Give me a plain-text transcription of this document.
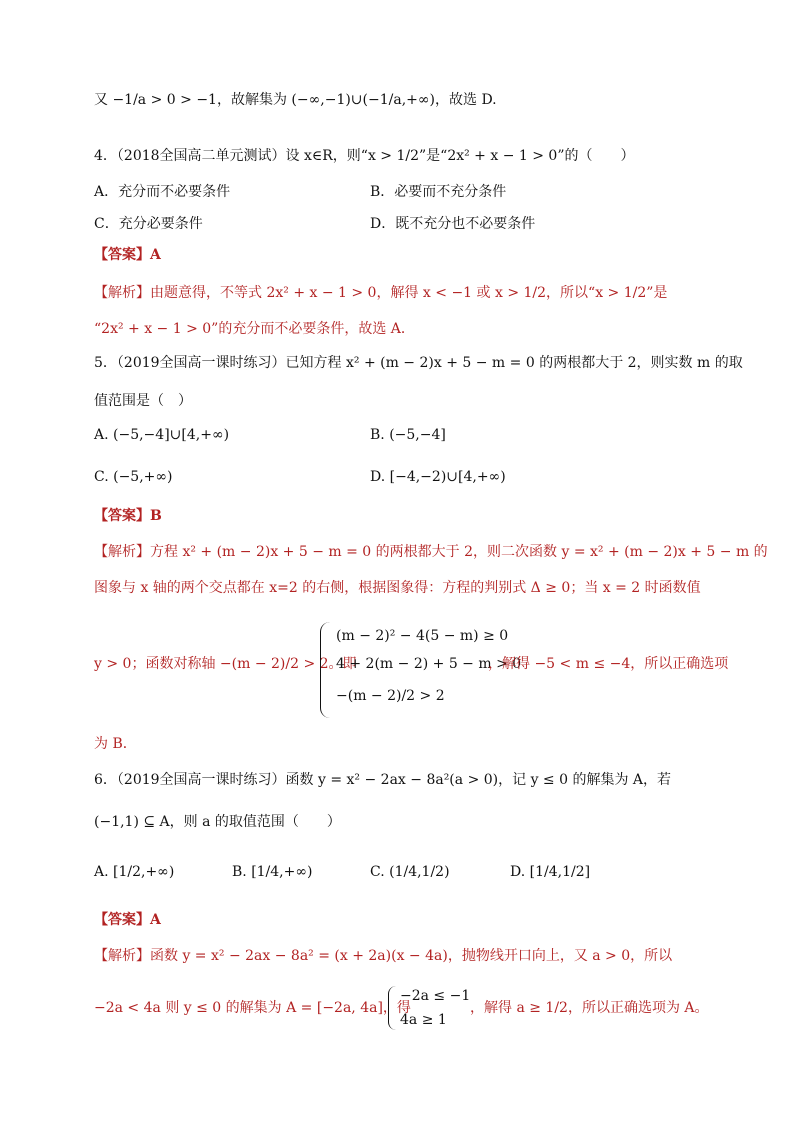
又 −1/a > 0 > −1，故解集为 (−∞,−1)∪(−1/a,+∞)，故选 D.
4．（2018全国高二单元测试）设 x∈R，则“x > 1/2”是“2x² + x − 1 > 0”的（　　）
A．充分而不必要条件	B．必要而不充分条件
C．充分必要条件	D．既不充分也不必要条件
【答案】A
【解析】由题意得，不等式 2x² + x − 1 > 0，解得 x < −1 或 x > 1/2，所以“x > 1/2”是
“2x² + x − 1 > 0”的充分而不必要条件，故选 A．
5．（2019全国高一课时练习）已知方程 x² + (m − 2)x + 5 − m = 0 的两根都大于 2，则实数 m 的取
值范围是（　）
A. (−5,−4]∪[4,+∞)	B. (−5,−4]
C. (−5,+∞)	D. [−4,−2)∪[4,+∞)
【答案】B
【解析】方程 x² + (m − 2)x + 5 − m = 0 的两根都大于 2，则二次函数 y = x² + (m − 2)x + 5 − m 的
图象与 x 轴的两个交点都在 x=2 的右侧，根据图象得：方程的判别式 Δ ≥ 0；当 x = 2 时函数值
y > 0；函数对称轴 −(m − 2)/2 > 2。即
(m − 2)² − 4(5 − m) ≥ 0
4 + 2(m − 2) + 5 − m > 0
−(m − 2)/2 > 2
，解得 −5 < m ≤ −4，所以正确选项
为 B．
6．（2019全国高一课时练习）函数 y = x² − 2ax − 8a²(a > 0)，记 y ≤ 0 的解集为 A，若
(−1,1) ⊆ A，则 a 的取值范围（　　）
A. [1/2,+∞)	B. [1/4,+∞)	C. (1/4,1/2)	D. [1/4,1/2]
【答案】A
【解析】函数 y = x² − 2ax − 8a² = (x + 2a)(x − 4a)，抛物线开口向上，又 a > 0，所以
−2a < 4a 则 y ≤ 0 的解集为 A = [−2a, 4a]，得
−2a ≤ −1
4a ≥ 1
，解得 a ≥ 1/2，所以正确选项为 A。
